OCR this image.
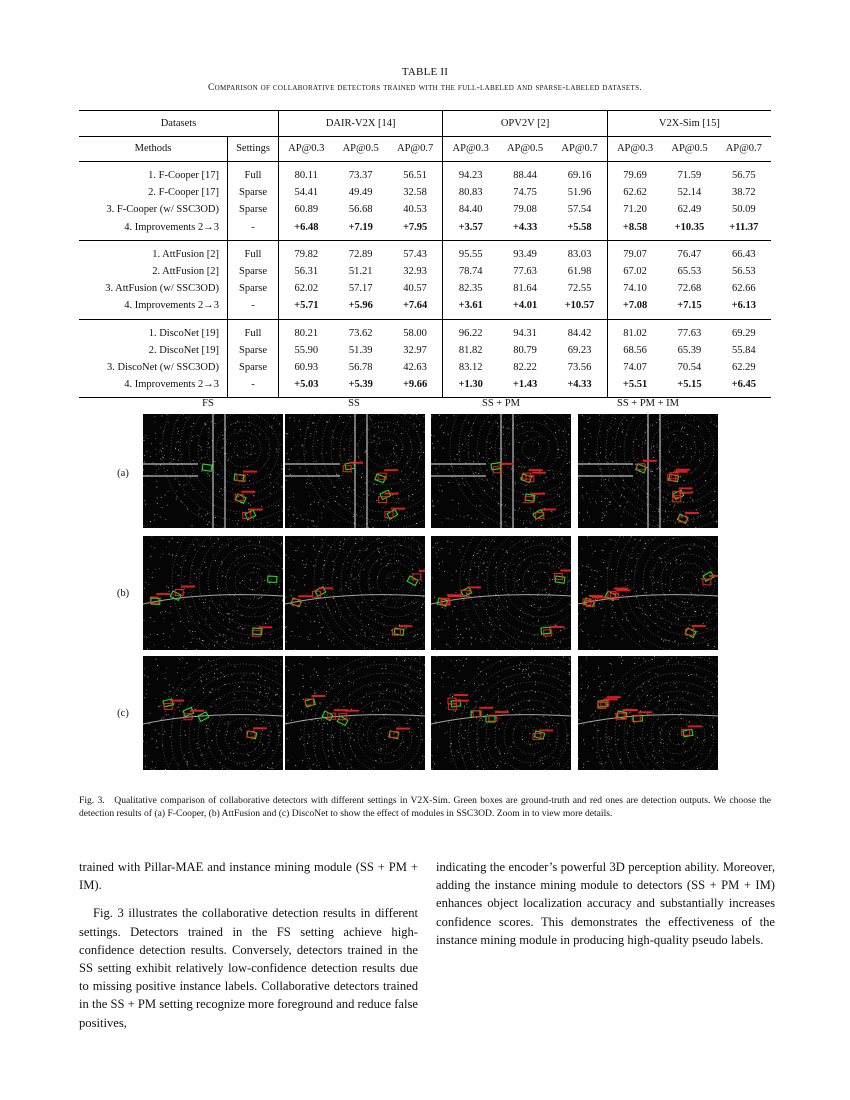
TABLE II
Comparison of collaborative detectors trained with the full-labeled and sparse-labeled datasets.
Datasets		DAIR-V2X [14]			OPV2V [2]			V2X-Sim [15]		
Methods	Settings	AP@0.3	AP@0.5	AP@0.7	AP@0.3	AP@0.5	AP@0.7	AP@0.3	AP@0.5	AP@0.7
1. F-Cooper [17]	Full	80.11	73.37	56.51	94.23	88.44	69.16	79.69	71.59	56.75
2. F-Cooper [17]	Sparse	54.41	49.49	32.58	80.83	74.75	51.96	62.62	52.14	38.72
3. F-Cooper (w/ SSC3OD)	Sparse	60.89	56.68	40.53	84.40	79.08	57.54	71.20	62.49	50.09
4. Improvements 2→3	-	+6.48	+7.19	+7.95	+3.57	+4.33	+5.58	+8.58	+10.35	+11.37
1. AttFusion [2]	Full	79.82	72.89	57.43	95.55	93.49	83.03	79.07	76.47	66.43
2. AttFusion [2]	Sparse	56.31	51.21	32.93	78.74	77.63	61.98	67.02	65.53	56.53
3. AttFusion (w/ SSC3OD)	Sparse	62.02	57.17	40.57	82.35	81.64	72.55	74.10	72.68	62.66
4. Improvements 2→3	-	+5.71	+5.96	+7.64	+3.61	+4.01	+10.57	+7.08	+7.15	+6.13
1. DiscoNet [19]	Full	80.21	73.62	58.00	96.22	94.31	84.42	81.02	77.63	69.29
2. DiscoNet [19]	Sparse	55.90	51.39	32.97	81.82	80.79	69.23	68.56	65.39	55.84
3. DiscoNet (w/ SSC3OD)	Sparse	60.93	56.78	42.63	83.12	82.22	73.56	74.07	70.54	62.29
4. Improvements 2→3	-	+5.03	+5.39	+9.66	+1.30	+1.43	+4.33	+5.51	+5.15	+6.45
FS	SS	SS + PM	SS + PM + IM
(a)
(b)
(c)
Fig. 3. Qualitative comparison of collaborative detectors with different settings in V2X-Sim. Green boxes are ground-truth and red ones are detection outputs. We choose the detection results of (a) F-Cooper, (b) AttFusion and (c) DiscoNet to show the effect of modules in SSC3OD. Zoom in to view more details.

trained with Pillar-MAE and instance mining module (SS + PM + IM).

Fig. 3 illustrates the collaborative detection results in different settings. Detectors trained in the FS setting achieve high-confidence detection results. Conversely, detectors trained in the SS setting exhibit relatively low-confidence detection results due to missing positive instance labels. Collaborative detectors trained in the SS + PM setting recognize more foreground and reduce false positives,

indicating the encoder’s powerful 3D perception ability. Moreover, adding the instance mining module to detectors (SS + PM + IM) enhances object localization accuracy and substantially increases confidence scores. This demonstrates the effectiveness of the instance mining module in producing high-quality pseudo labels.
